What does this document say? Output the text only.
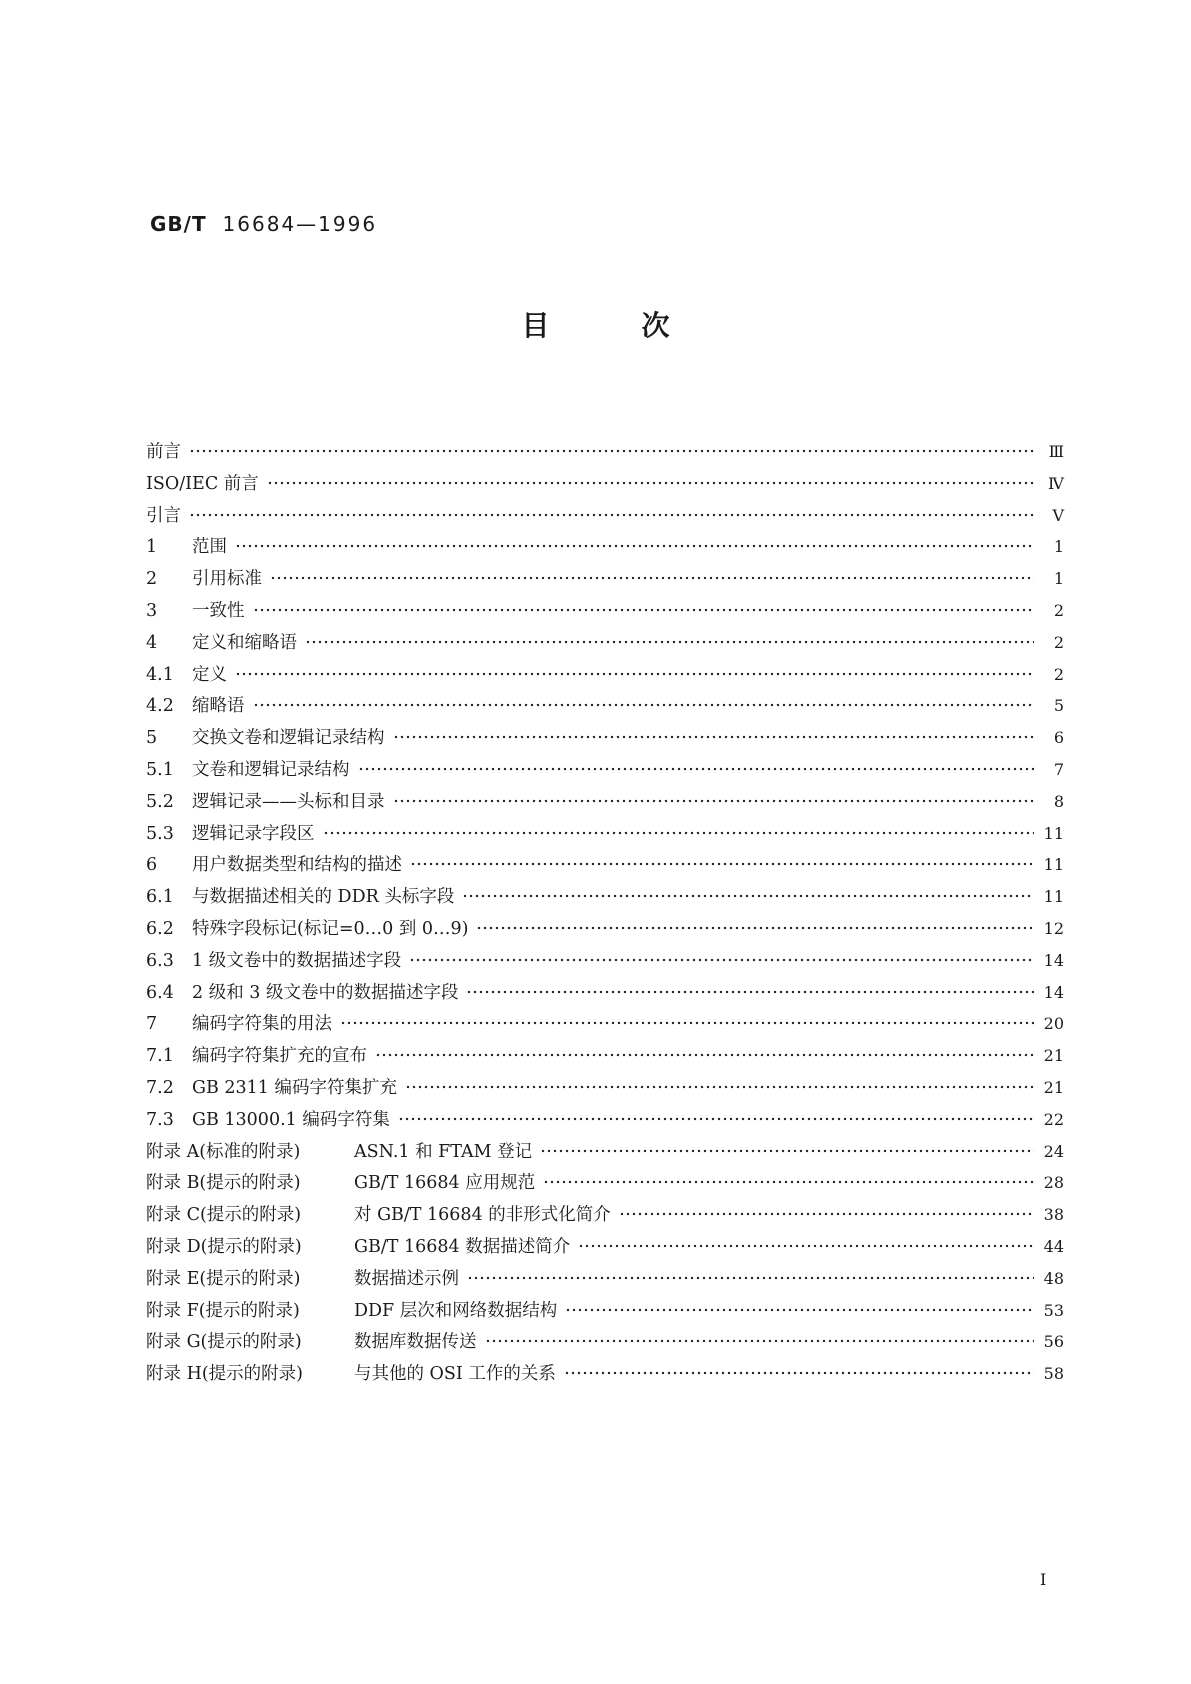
GB/T 16684—1996
目	次
前言	Ⅲ
ISO/IEC 前言	Ⅳ
引言	Ⅴ
1	范围	1
2	引用标准	1
3	一致性	2
4	定义和缩略语	2
4.1	定义	2
4.2	缩略语	5
5	交换文卷和逻辑记录结构	6
5.1	文卷和逻辑记录结构	7
5.2	逻辑记录——头标和目录	8
5.3	逻辑记录字段区	11
6	用户数据类型和结构的描述	11
6.1	与数据描述相关的 DDR 头标字段	11
6.2	特殊字段标记(标记=0…0 到 0…9)	12
6.3	1 级文卷中的数据描述字段	14
6.4	2 级和 3 级文卷中的数据描述字段	14
7	编码字符集的用法	20
7.1	编码字符集扩充的宣布	21
7.2	GB 2311 编码字符集扩充	21
7.3	GB 13000.1 编码字符集	22
附录 A(标准的附录)	ASN.1 和 FTAM 登记	24
附录 B(提示的附录)	GB/T 16684 应用规范	28
附录 C(提示的附录)	对 GB/T 16684 的非形式化简介	38
附录 D(提示的附录)	GB/T 16684 数据描述简介	44
附录 E(提示的附录)	数据描述示例	48
附录 F(提示的附录)	DDF 层次和网络数据结构	53
附录 G(提示的附录)	数据库数据传送	56
附录 H(提示的附录)	与其他的 OSI 工作的关系	58
Ⅰ
